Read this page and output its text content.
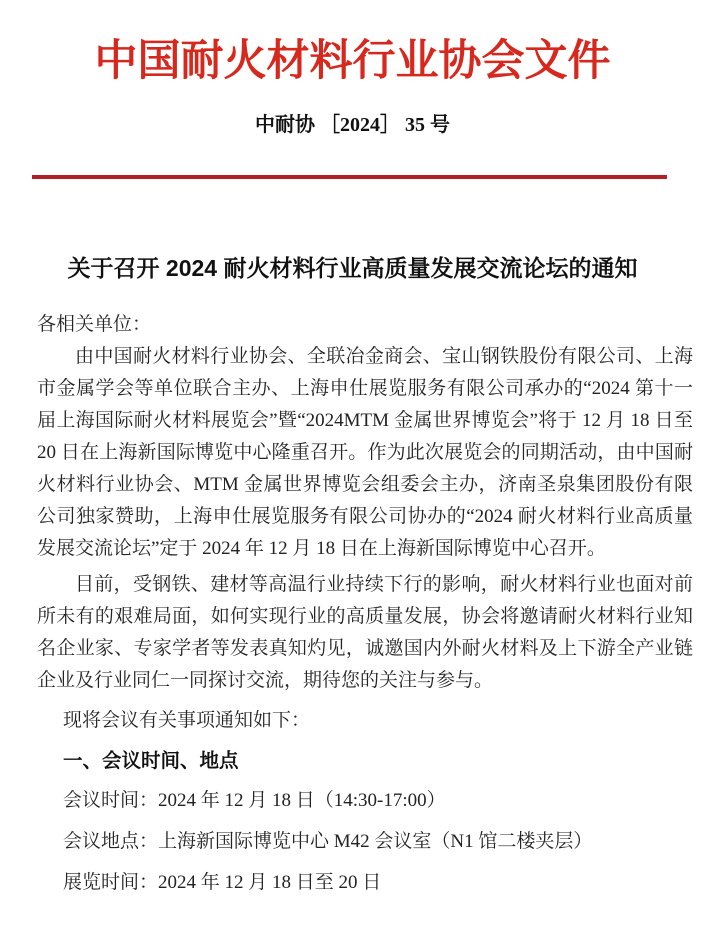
中国耐火材料行业协会文件
中耐协 ［2024］ 35 号
关于召开 2024 耐火材料行业高质量发展交流论坛的通知

各相关单位：

由中国耐火材料行业协会、全联冶金商会、宝山钢铁股份有限公司、上海市金属学会等单位联合主办、上海申仕展览服务有限公司承办的“2024 第十一届上海国际耐火材料展览会”暨“2024MTM 金属世界博览会”将于 12 月 18 日至 20 日在上海新国际博览中心隆重召开。作为此次展览会的同期活动，由中国耐火材料行业协会、MTM 金属世界博览会组委会主办，济南圣泉集团股份有限公司独家赞助，上海申仕展览服务有限公司协办的“2024 耐火材料行业高质量发展交流论坛”定于 2024 年 12 月 18 日在上海新国际博览中心召开。

目前，受钢铁、建材等高温行业持续下行的影响，耐火材料行业也面对前所未有的艰难局面，如何实现行业的高质量发展，协会将邀请耐火材料行业知名企业家、专家学者等发表真知灼见，诚邀国内外耐火材料及上下游全产业链企业及行业同仁一同探讨交流，期待您的关注与参与。

现将会议有关事项通知如下：

一、会议时间、地点

会议时间：2024 年 12 月 18 日（14:30-17:00）

会议地点：上海新国际博览中心 M42 会议室（N1 馆二楼夹层）

展览时间：2024 年 12 月 18 日至 20 日
